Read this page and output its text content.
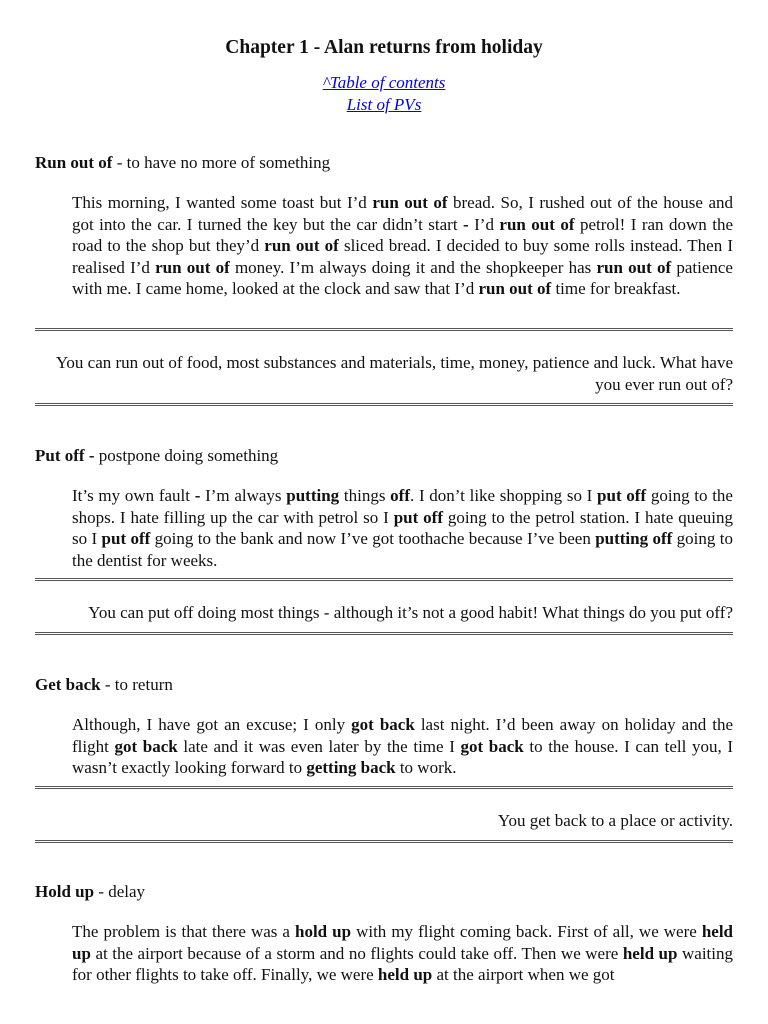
Chapter 1 - Alan returns from holiday
^Table of contents
List of PVs

Run out of - to have no more of something

This morning, I wanted some toast but I’d run out of bread. So, I rushed out of the house and got into the car. I turned the key but the car didn’t start - I’d run out of petrol! I ran down the road to the shop but they’d run out of sliced bread. I decided to buy some rolls instead. Then I realised I’d run out of money. I’m always doing it and the shopkeeper has run out of patience with me. I came home, looked at the clock and saw that I’d run out of time for breakfast.

You can run out of food, most substances and materials, time, money, patience and luck. What have you ever run out of?

Put off - postpone doing something

It’s my own fault - I’m always putting things off. I don’t like shopping so I put off going to the shops. I hate filling up the car with petrol so I put off going to the petrol station. I hate queuing so I put off going to the bank and now I’ve got toothache because I’ve been putting off going to the dentist for weeks.

You can put off doing most things - although it’s not a good habit! What things do you put off?

Get back - to return

Although, I have got an excuse; I only got back last night. I’d been away on holiday and the flight got back late and it was even later by the time I got back to the house. I can tell you, I wasn’t exactly looking forward to getting back to work.

You get back to a place or activity.

Hold up - delay

The problem is that there was a hold up with my flight coming back. First of all, we were held up at the airport because of a storm and no flights could take off. Then we were held up waiting for other flights to take off. Finally, we were held up at the airport when we got
